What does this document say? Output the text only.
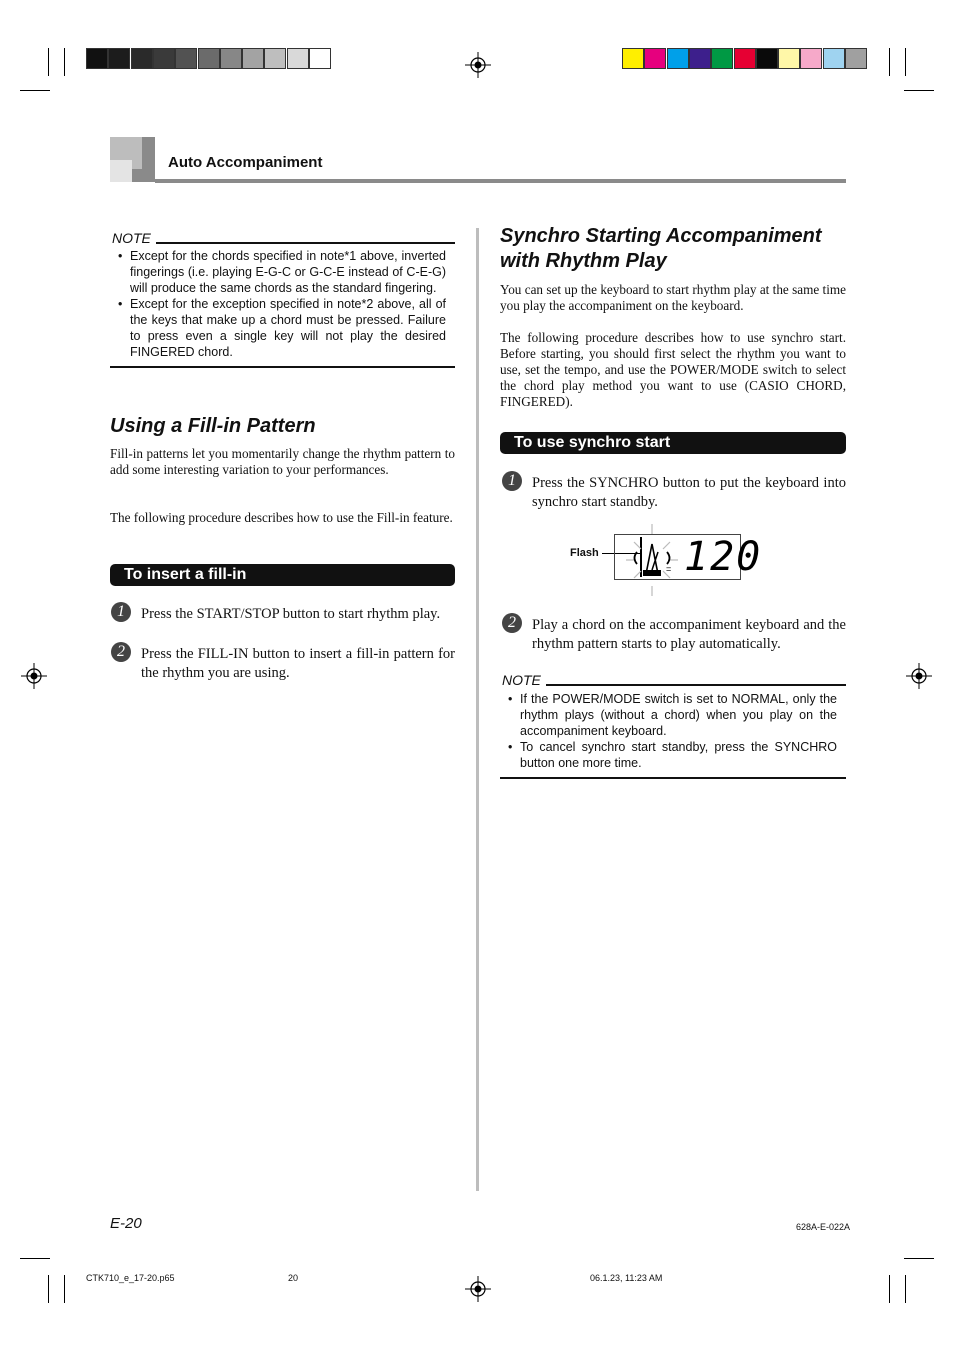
Auto Accompaniment
NOTE
• Except for the chords specified in note*1 above, inverted fingerings (i.e. playing E-G-C or G-C-E instead of C-E-G) will produce the same chords as the standard fingering.
• Except for the exception specified in note*2 above, all of the keys that make up a chord must be pressed. Failure to press even a single key will not play the desired FINGERED chord.
Using a Fill-in Pattern
Fill-in patterns let you momentarily change the rhythm pattern to add some interesting variation to your performances.
The following procedure describes how to use the Fill-in feature.
To insert a fill-in
1	Press the START/STOP button to start rhythm play.
2	Press the FILL-IN button to insert a fill-in pattern for the rhythm you are using.
Synchro Starting Accompaniment
with Rhythm Play
You can set up the keyboard to start rhythm play at the same time you play the accompaniment on the keyboard.
The following procedure describes how to use synchro start. Before starting, you should first select the rhythm you want to use, set the tempo, and use the POWER/MODE switch to select the chord play method you want to use (CASIO CHORD, FINGERED).
To use synchro start
1	Press the SYNCHRO button to put the keyboard into synchro start standby.
Flash
= 120
2	Play a chord on the accompaniment keyboard and the rhythm pattern starts to play automatically.
NOTE
• If the POWER/MODE switch is set to NORMAL, only the rhythm plays (without a chord) when you play on the accompaniment keyboard.
• To cancel synchro start standby, press the SYNCHRO button one more time.
E-20	628A-E-022A
CTK710_e_17-20.p65	20	06.1.23, 11:23 AM
